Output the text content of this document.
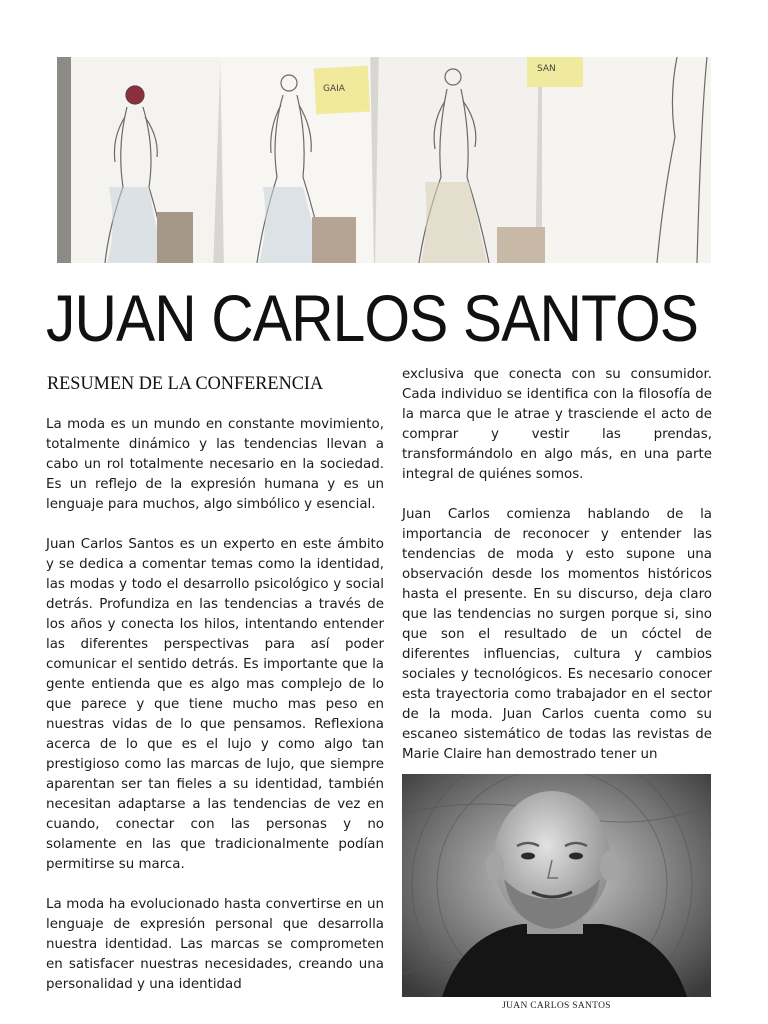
GAIA
SAN
JUAN CARLOS SANTOS
RESUMEN DE LA CONFERENCIA

La moda es un mundo en constante movimiento, totalmente dinámico y las tendencias llevan a cabo un rol totalmente necesario en la sociedad. Es un reflejo de la expresión humana y es un lenguaje para muchos, algo simbólico y esencial.

Juan Carlos Santos es un experto en este ámbito y se dedica a comentar temas como la identidad, las modas y todo el desarrollo psicológico y social detrás. Profundiza en las tendencias a través de los años y conecta los hilos, intentando entender las diferentes perspectivas para así poder comunicar el sentido detrás. Es importante que la gente entienda que es algo mas complejo de lo que parece y que tiene mucho mas peso en nuestras vidas de lo que pensamos. Reflexiona acerca de lo que es el lujo y como algo tan prestigioso como las marcas de lujo, que siempre aparentan ser tan fieles a su identidad, también necesitan adaptarse a las tendencias de vez en cuando, conectar con las personas y no solamente en las que tradicionalmente podían permitirse su marca.

La moda ha evolucionado hasta convertirse en un lenguaje de expresión personal que desarrolla nuestra identidad. Las marcas se comprometen en satisfacer nuestras necesidades, creando una personalidad y una identidad

exclusiva que conecta con su consumidor. Cada individuo se identifica con la filosofía de la marca que le atrae y trasciende el acto de comprar y vestir las prendas, transformándolo en algo más, en una parte integral de quiénes somos.

Juan Carlos comienza hablando de la importancia de reconocer y entender las tendencias de moda y esto supone una observación desde los momentos históricos hasta el presente. En su discurso, deja claro que las tendencias no surgen porque si, sino que son el resultado de un cóctel de diferentes influencias, cultura y cambios sociales y tecnológicos. Es necesario conocer esta trayectoria como trabajador en el sector de la moda. Juan Carlos cuenta como su escaneo sistemático de todas las revistas de Marie Claire han demostrado tener un

JUAN CARLOS SANTOS
